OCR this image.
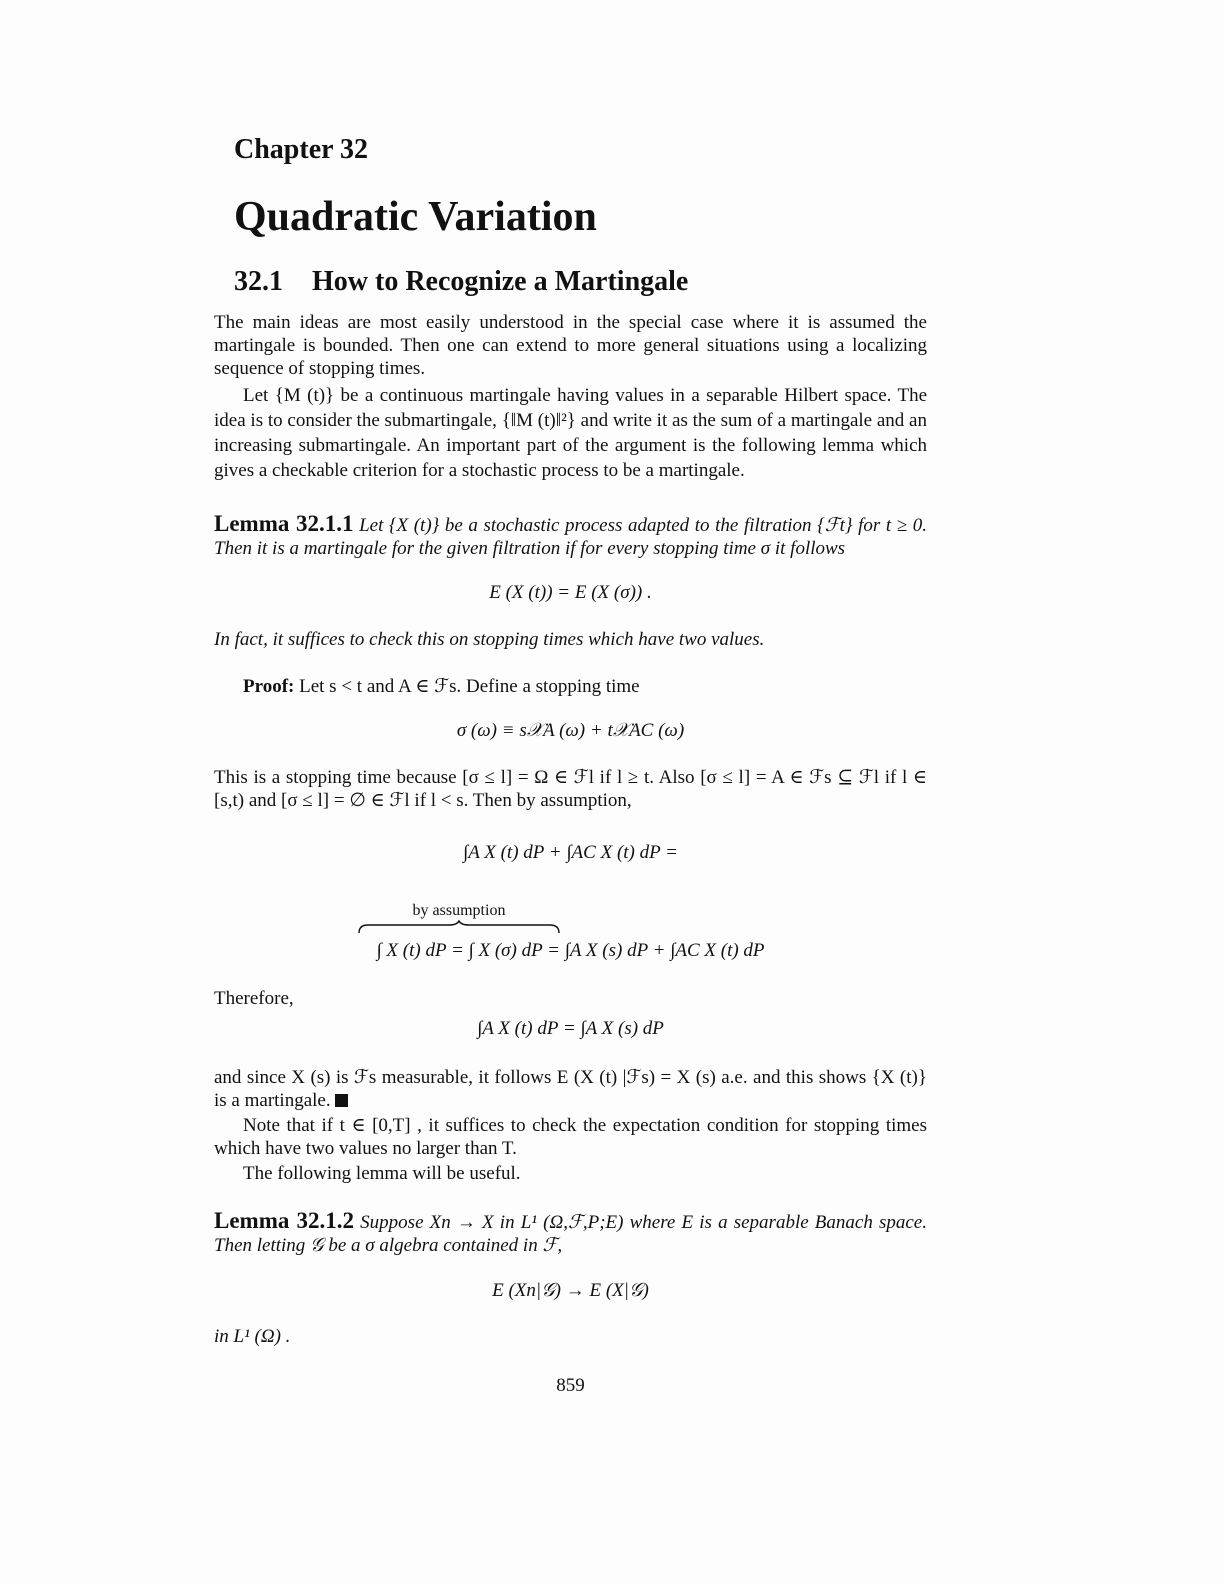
Chapter 32
Quadratic Variation
32.1 How to Recognize a Martingale
The main ideas are most easily understood in the special case where it is assumed the martingale is bounded. Then one can extend to more general situations using a localizing sequence of stopping times.
Let {M (t)} be a continuous martingale having values in a separable Hilbert space. The idea is to consider the submartingale, {‖M (t)‖²} and write it as the sum of a martingale and an increasing submartingale. An important part of the argument is the following lemma which gives a checkable criterion for a stochastic process to be a martingale.
Lemma 32.1.1 Let {X (t)} be a stochastic process adapted to the filtration {ℱt} for t ≥ 0. Then it is a martingale for the given filtration if for every stopping time σ it follows
E (X (t)) = E (X (σ)) .
In fact, it suffices to check this on stopping times which have two values.
Proof: Let s < t and A ∈ ℱs. Define a stopping time
σ (ω) ≡ s𝒳A (ω) + t𝒳AC (ω)
This is a stopping time because [σ ≤ l] = Ω ∈ ℱl if l ≥ t. Also [σ ≤ l] = A ∈ ℱs ⊆ ℱl if l ∈ [s,t) and [σ ≤ l] = ∅ ∈ ℱl if l < s. Then by assumption,
∫A X (t) dP + ∫AC X (t) dP =
by assumption
∫ X (t) dP = ∫ X (σ) dP = ∫A X (s) dP + ∫AC X (t) dP
Therefore,
∫A X (t) dP = ∫A X (s) dP
and since X (s) is ℱs measurable, it follows E (X (t) |ℱs) = X (s) a.e. and this shows {X (t)} is a martingale.
Note that if t ∈ [0,T] , it suffices to check the expectation condition for stopping times which have two values no larger than T.
The following lemma will be useful.
Lemma 32.1.2 Suppose Xn → X in L¹ (Ω,ℱ,P;E) where E is a separable Banach space. Then letting 𝒢 be a σ algebra contained in ℱ,
E (Xn|𝒢) → E (X|𝒢)
in L¹ (Ω) .
859
